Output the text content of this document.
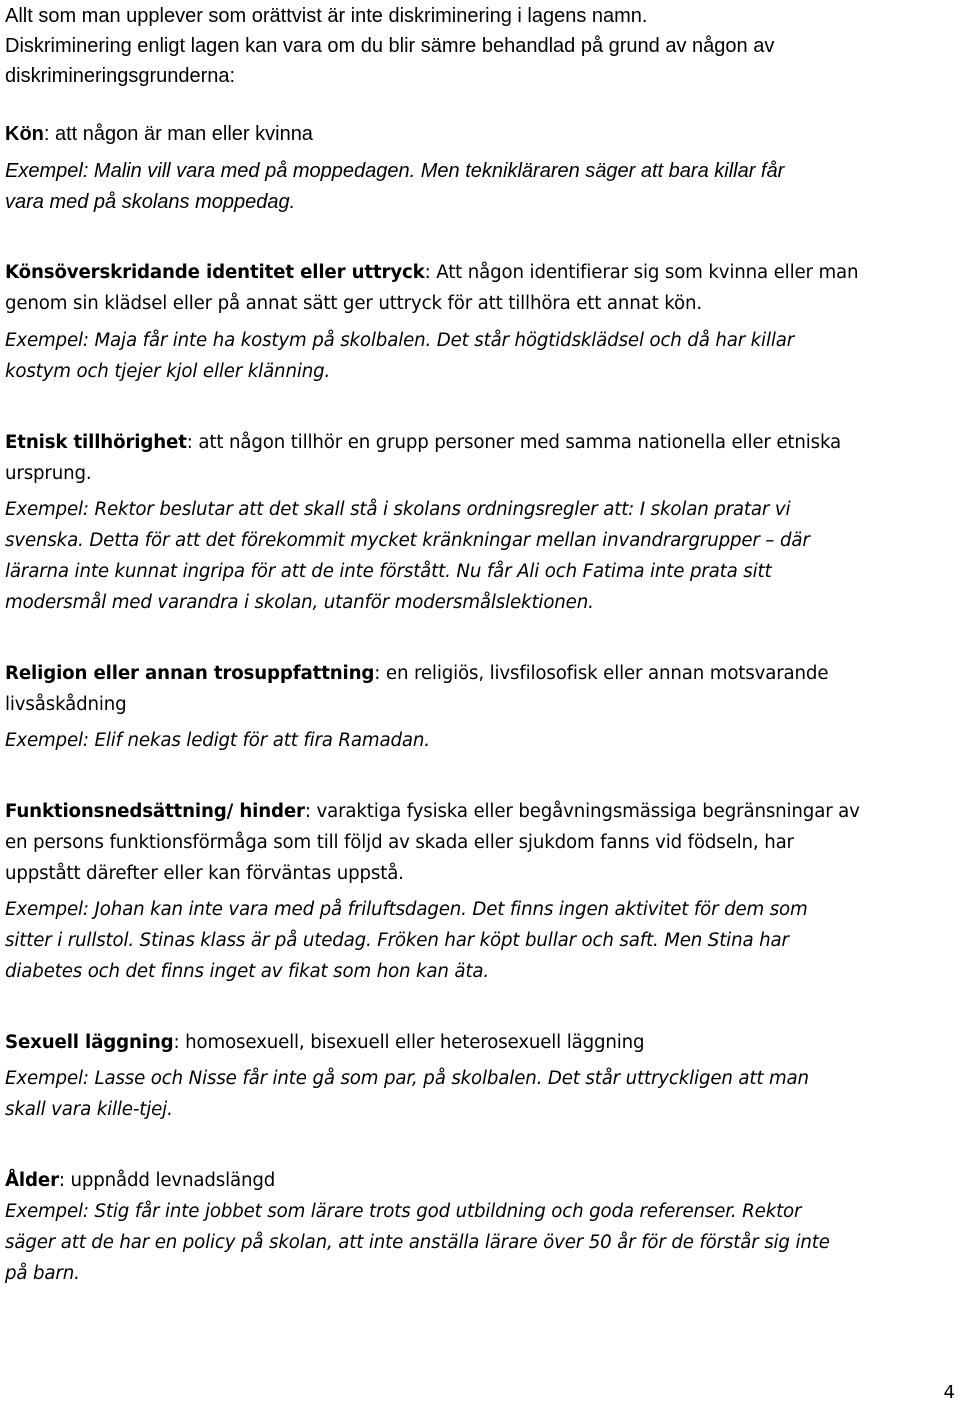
Allt som man upplever som orättvist är inte diskriminering i lagens namn.
Diskriminering enligt lagen kan vara om du blir sämre behandlad på grund av någon av
diskrimineringsgrunderna:
Kön: att någon är man eller kvinna
Exempel: Malin vill vara med på moppedagen. Men teknikläraren säger att bara killar får
vara med på skolans moppedag.
Könsöverskridande identitet eller uttryck: Att någon identifierar sig som kvinna eller man
genom sin klädsel eller på annat sätt ger uttryck för att tillhöra ett annat kön.
Exempel: Maja får inte ha kostym på skolbalen. Det står högtidsklädsel och då har killar
kostym och tjejer kjol eller klänning.
Etnisk tillhörighet: att någon tillhör en grupp personer med samma nationella eller etniska
ursprung.
Exempel: Rektor beslutar att det skall stå i skolans ordningsregler att: I skolan pratar vi
svenska. Detta för att det förekommit mycket kränkningar mellan invandrargrupper – där
lärarna inte kunnat ingripa för att de inte förstått. Nu får Ali och Fatima inte prata sitt
modersmål med varandra i skolan, utanför modersmålslektionen.
Religion eller annan trosuppfattning: en religiös, livsfilosofisk eller annan motsvarande
livsåskådning
Exempel: Elif nekas ledigt för att fira Ramadan.
Funktionsnedsättning/ hinder: varaktiga fysiska eller begåvningsmässiga begränsningar av
en persons funktionsförmåga som till följd av skada eller sjukdom fanns vid födseln, har
uppstått därefter eller kan förväntas uppstå.
Exempel: Johan kan inte vara med på friluftsdagen. Det finns ingen aktivitet för dem som
sitter i rullstol. Stinas klass är på utedag. Fröken har köpt bullar och saft. Men Stina har
diabetes och det finns inget av fikat som hon kan äta.
Sexuell läggning: homosexuell, bisexuell eller heterosexuell läggning
Exempel: Lasse och Nisse får inte gå som par, på skolbalen. Det står uttryckligen att man
skall vara kille-tjej.
Ålder: uppnådd levnadslängd
Exempel: Stig får inte jobbet som lärare trots god utbildning och goda referenser. Rektor
säger att de har en policy på skolan, att inte anställa lärare över 50 år för de förstår sig inte
på barn.
4
